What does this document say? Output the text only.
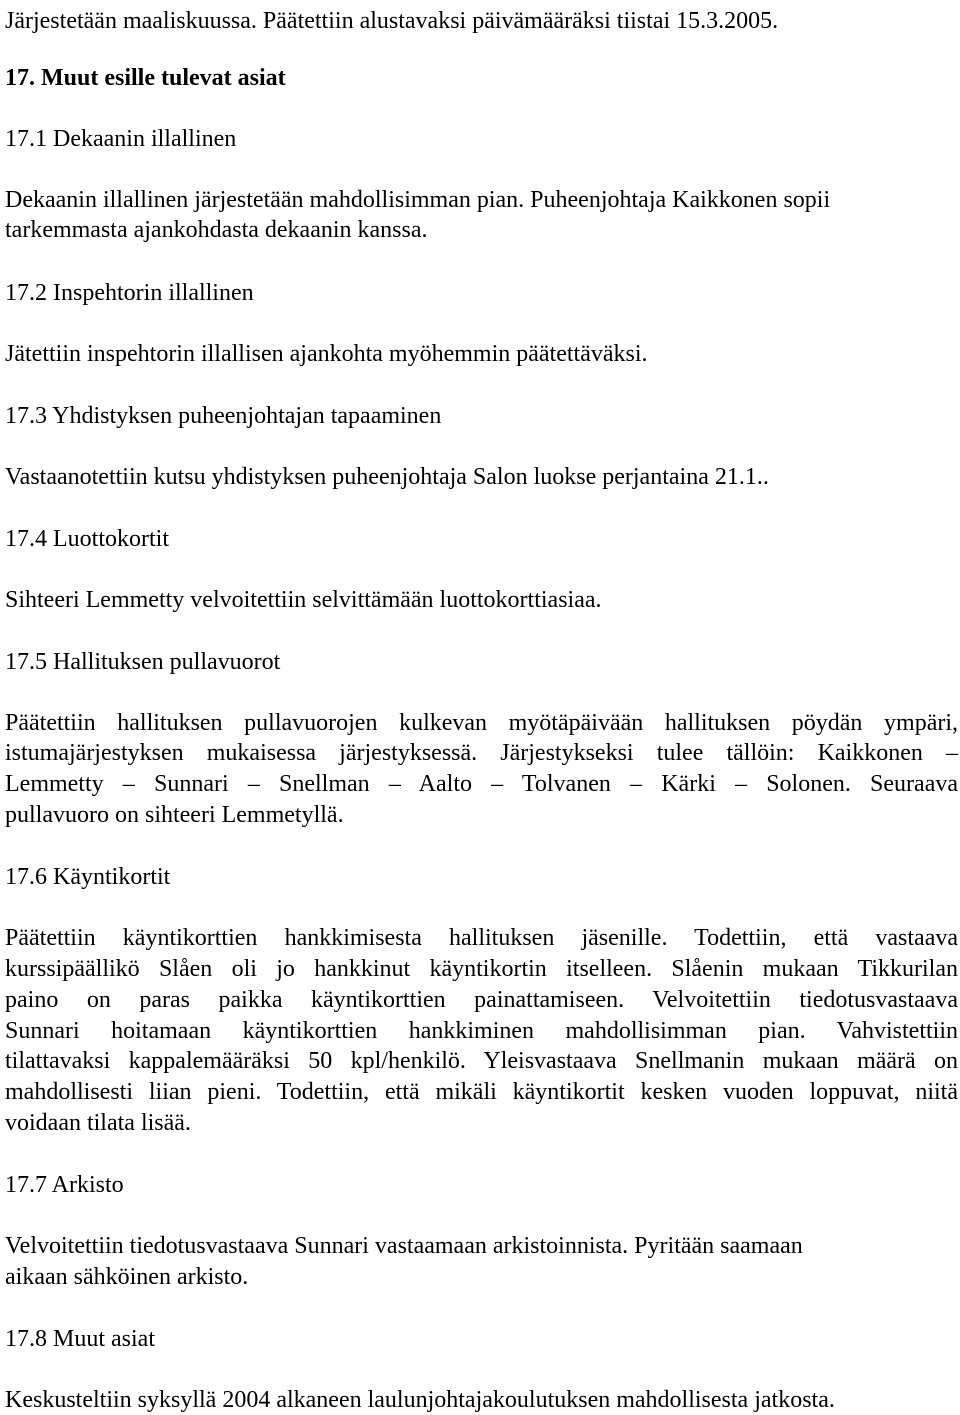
Järjestetään maaliskuussa. Päätettiin alustavaksi päivämääräksi tiistai 15.3.2005.

17. Muut esille tulevat asiat

17.1 Dekaanin illallinen

Dekaanin illallinen järjestetään mahdollisimman pian. Puheenjohtaja Kaikkonen sopii

tarkemmasta ajankohdasta dekaanin kanssa.

17.2 Inspehtorin illallinen

Jätettiin inspehtorin illallisen ajankohta myöhemmin päätettäväksi.

17.3 Yhdistyksen puheenjohtajan tapaaminen

Vastaanotettiin kutsu yhdistyksen puheenjohtaja Salon luokse perjantaina 21.1..

17.4 Luottokortit

Sihteeri Lemmetty velvoitettiin selvittämään luottokorttiasiaa.

17.5 Hallituksen pullavuorot

Päätettiin hallituksen pullavuorojen kulkevan myötäpäivään hallituksen pöydän ympäri,

istumajärjestyksen mukaisessa järjestyksessä. Järjestykseksi tulee tällöin: Kaikkonen –

Lemmetty – Sunnari – Snellman – Aalto – Tolvanen – Kärki – Solonen. Seuraava

pullavuoro on sihteeri Lemmetyllä.

17.6 Käyntikortit

Päätettiin käyntikorttien hankkimisesta hallituksen jäsenille. Todettiin, että vastaava

kurssipäällikö Slåen oli jo hankkinut käyntikortin itselleen. Slåenin mukaan Tikkurilan

paino on paras paikka käyntikorttien painattamiseen. Velvoitettiin tiedotusvastaava

Sunnari hoitamaan käyntikorttien hankkiminen mahdollisimman pian. Vahvistettiin

tilattavaksi kappalemääräksi 50 kpl/henkilö. Yleisvastaava Snellmanin mukaan määrä on

mahdollisesti liian pieni. Todettiin, että mikäli käyntikortit kesken vuoden loppuvat, niitä

voidaan tilata lisää.

17.7 Arkisto

Velvoitettiin tiedotusvastaava Sunnari vastaamaan arkistoinnista. Pyritään saamaan

aikaan sähköinen arkisto.

17.8 Muut asiat

Keskusteltiin syksyllä 2004 alkaneen laulunjohtajakoulutuksen mahdollisesta jatkosta.
